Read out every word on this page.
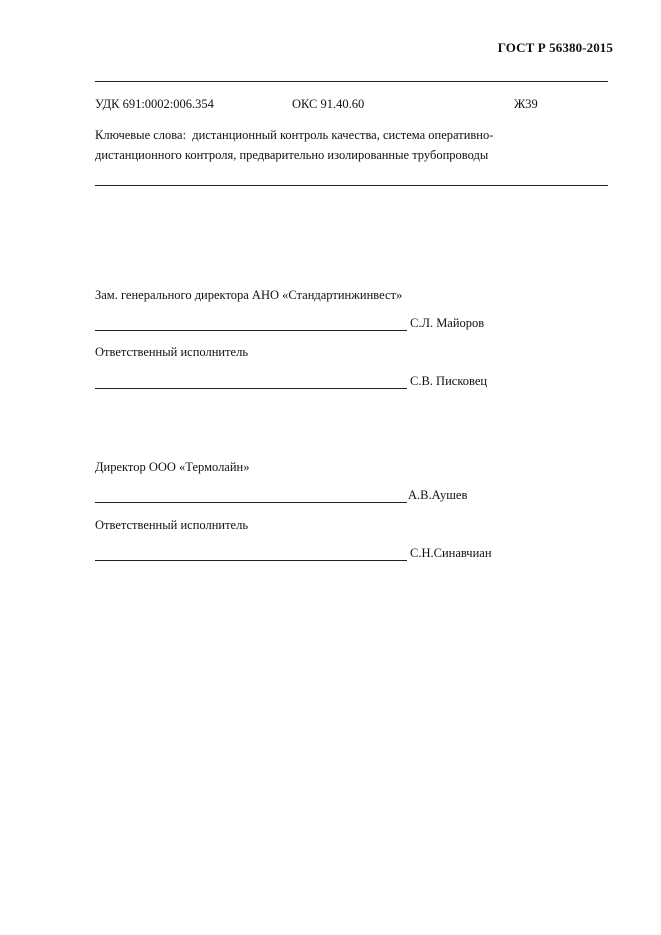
ГОСТ Р 56380-2015
УДК 691:0002:006.354	ОКС 91.40.60	Ж39
Ключевые слова: дистанционный контроль качества, система оперативно-дистанционного контроля, предварительно изолированные трубопроводы
Зам. генерального директора АНО «Стандартинжинвест»
С.Л. Майоров
Ответственный исполнитель
С.В. Писковец
Директор ООО «Термолайн»
А.В.Аушев
Ответственный исполнитель
С.Н.Синавчиан
